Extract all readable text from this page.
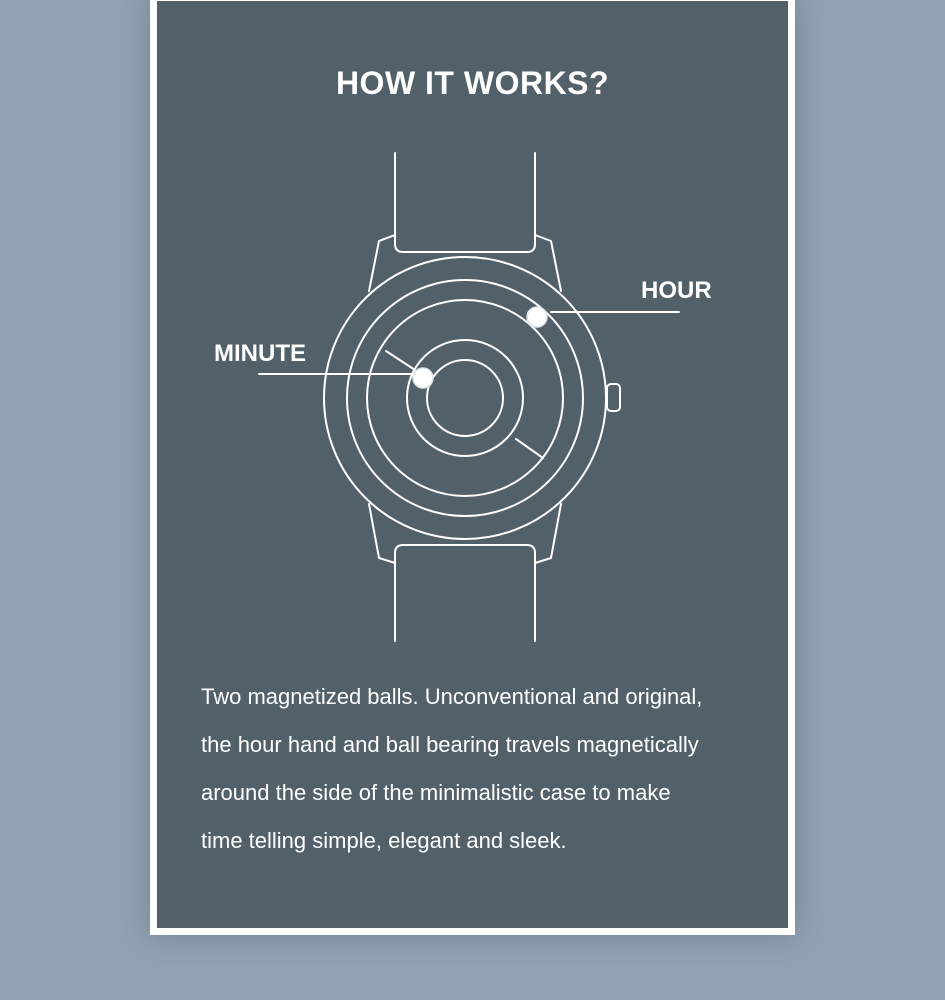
HOW IT WORKS?
MINUTE
HOUR

Two magnetized balls. Unconventional and original,
the hour hand and ball bearing travels magnetically
around the side of the minimalistic case to make
time telling simple, elegant and sleek.
